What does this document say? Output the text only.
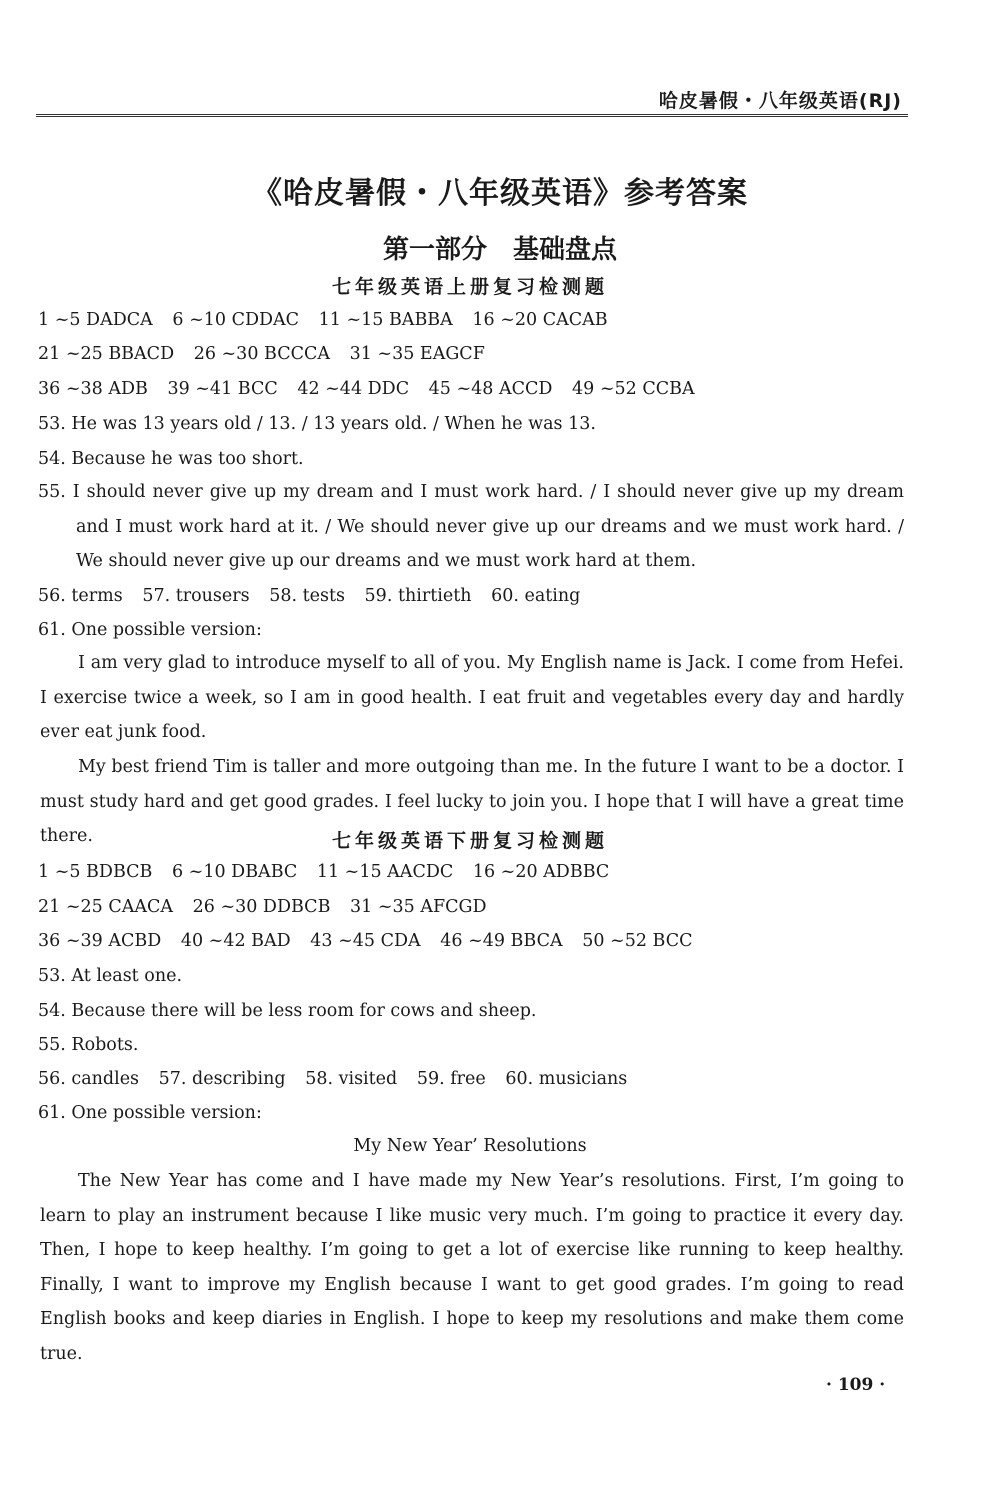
哈皮暑假・八年级英语(RJ)
《哈皮暑假・八年级英语》参考答案
第一部分　基础盘点
七年级英语上册复习检测题
1 ~5 DADCA 6 ~10 CDDAC 11 ~15 BABBA 16 ~20 CACAB
21 ~25 BBACD 26 ~30 BCCCA 31 ~35 EAGCF
36 ~38 ADB 39 ~41 BCC 42 ~44 DDC 45 ~48 ACCD 49 ~52 CCBA
53. He was 13 years old / 13. / 13 years old. / When he was 13.
54. Because he was too short.
55. I should never give up my dream and I must work hard. / I should never give up my dream and I must work hard at it. / We should never give up our dreams and we must work hard. / We should never give up our dreams and we must work hard at them.
56. terms 57. trousers 58. tests 59. thirtieth 60. eating
61. One possible version:
I am very glad to introduce myself to all of you. My English name is Jack. I come from Hefei. I exercise twice a week, so I am in good health. I eat fruit and vegetables every day and hardly ever eat junk food.
My best friend Tim is taller and more outgoing than me. In the future I want to be a doctor. I must study hard and get good grades. I feel lucky to join you. I hope that I will have a great time there.	七年级英语下册复习检测题
1 ~5 BDBCB 6 ~10 DBABC 11 ~15 AACDC 16 ~20 ADBBC
21 ~25 CAACA 26 ~30 DDBCB 31 ~35 AFCGD
36 ~39 ACBD 40 ~42 BAD 43 ~45 CDA 46 ~49 BBCA 50 ~52 BCC
53. At least one.
54. Because there will be less room for cows and sheep.
55. Robots.
56. candles 57. describing 58. visited 59. free 60. musicians
61. One possible version:
My New Year’ Resolutions
The New Year has come and I have made my New Year’s resolutions. First, I’m going to learn to play an instrument because I like music very much. I’m going to practice it every day. Then, I hope to keep healthy. I’m going to get a lot of exercise like running to keep healthy. Finally, I want to improve my English because I want to get good grades. I’m going to read English books and keep diaries in English. I hope to keep my resolutions and make them come true.
· 109 ·
